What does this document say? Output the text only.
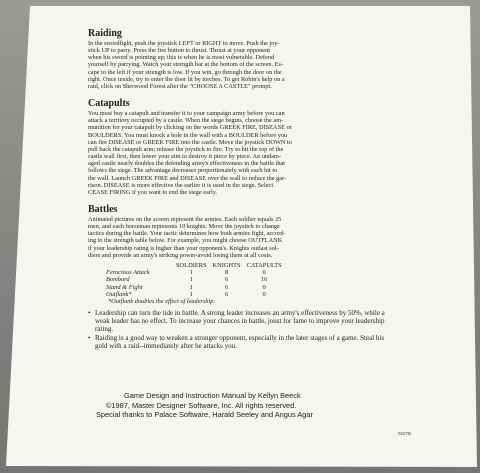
Raiding
In the swordfight, push the joystick LEFT or RIGHT to move. Push the joy-
stick UP to parry. Press the fire button to thrust. Thrust at your opponent
when his sword is pointing up; this is when he is most vulnerable. Defend
yourself by parrying. Watch your strength bar at the bottom of the screen. Es-
cape to the left if your strength is low. If you win, go through the door on the
right. Once inside, try to enter the door lit by torches. To get Robin's help on a
raid, click on Sherwood Forest after the "CHOOSE A CASTLE" prompt.
Catapults
You must buy a catapult and transfer it to your campaign army before you can
attack a territory occupied by a castle. When the siege begins, choose the am-
munition for your catapult by clicking on the words GREEK FIRE, DISEASE or
BOULDERS. You must knock a hole in the wall with a BOULDER before you
can fire DISEASE or GREEK FIRE into the castle. Move the joystick DOWN to
pull back the catapult arm; release the joystick to fire. Try to hit the top of the
castle wall first, then lower your aim to destroy it piece by piece. An undam-
aged castle nearly doubles the defending army's effectiveness in the battle that
follows the siege. The advantage decreases proportionately with each hit to
the wall. Launch GREEK FIRE and DISEASE over the wall to reduce the gar-
rison. DISEASE is more effective the earlier it is used in the siege. Select
CEASE FIRING if you want to end the siege early.
Battles
Animated pictures on the screen represent the armies. Each soldier equals 25
men, and each horseman represents 10 knights. Move the joystick to change
tactics during the battle. Your tactic determines how both armies fight, accord-
ing to the strength table below. For example, you might choose OUTFLANK
if your leadership rating is higher than your opponent's. Knights outlast sol-
diers and provide an army's striking power-avoid losing them at all costs.
	SOLDIERS	KNIGHTS	CATAPULTS
Ferocious Attack	1	8	0
Bombard	1	6	16
Stand & Fight	1	6	0
Outflank*	1	6	0
*Outflank doubles the effect of leadership.
• Leadership can turn the tide in battle. A strong leader increases an army's effectiveness by 50%, while a weak leader has no effect. To increase your chances in battle, joust for fame to improve your leadership rating.
• Raiding is a good way to weaken a stronger opponent, especially in the later stages of a game. Steal his gold with a raid--immediately after he attacks you.

Game Design and Instruction Manual by Kellyn Beeck

©1987, Master Designer Software, Inc. All rights reserved.

Special thanks to Palace Software, Harald Seeley and Angus Agar

0227B
